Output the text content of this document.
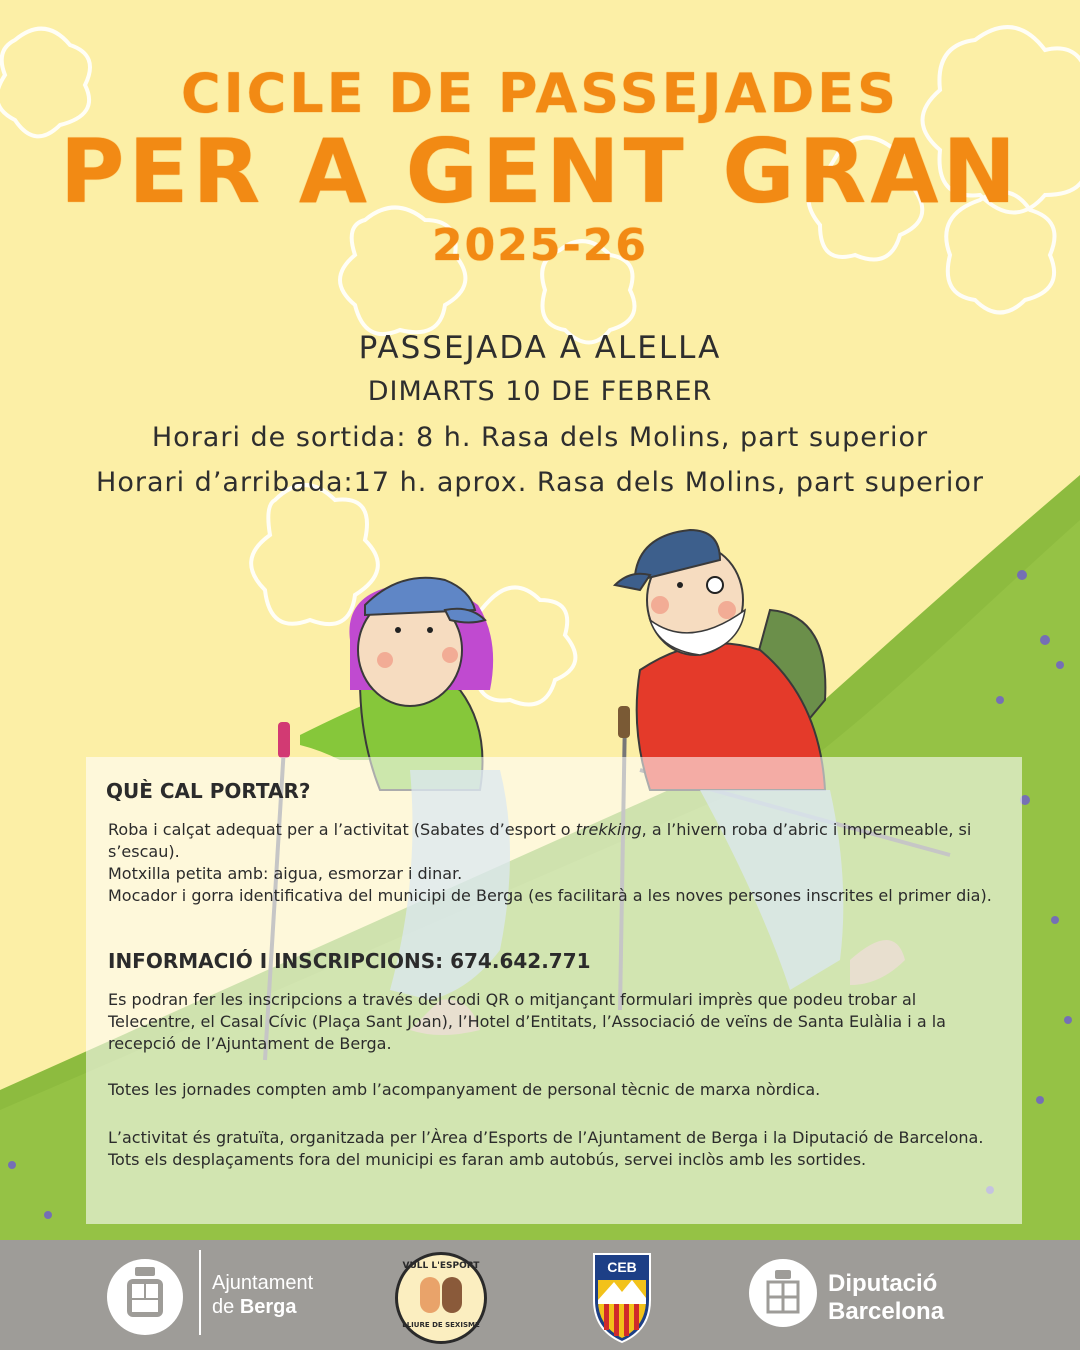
CICLE DE PASSEJADES
PER A GENT GRAN
2025-26
PASSEJADA A ALELLA
DIMARTS 10 DE FEBRER
Horari de sortida: 8 h. Rasa dels Molins, part superior
Horari d’arribada:17 h. aprox. Rasa dels Molins, part superior
QUÈ CAL PORTAR?

Roba i calçat adequat per a l’activitat (Sabates d’esport o trekking, a l’hivern roba d’abric i impermeable, si s’escau).

Motxilla petita amb: aigua, esmorzar i dinar.

Mocador i gorra identificativa del municipi de Berga (es facilitarà a les noves persones inscrites el primer dia).

INFORMACIÓ I INSCRIPCIONS: 674.642.771

Es podran fer les inscripcions a través del codi QR o mitjançant formulari imprès que podeu trobar al Telecentre, el Casal Cívic (Plaça Sant Joan), l’Hotel d’Entitats, l’Associació de veïns de Santa Eulàlia i a la recepció de l’Ajuntament de Berga.

Totes les jornades compten amb l’acompanyament de personal tècnic de marxa nòrdica.

L’activitat és gratuïta, organitzada per l’Àrea d’Esports de l’Ajuntament de Berga i la Diputació de Barcelona. Tots els desplaçaments fora del municipi es faran amb autobús, servei inclòs amb les sortides.

Ajuntament
de Berga
VULL L'ESPORT
LLIURE DE SEXISME
CEB
Diputació
Barcelona
